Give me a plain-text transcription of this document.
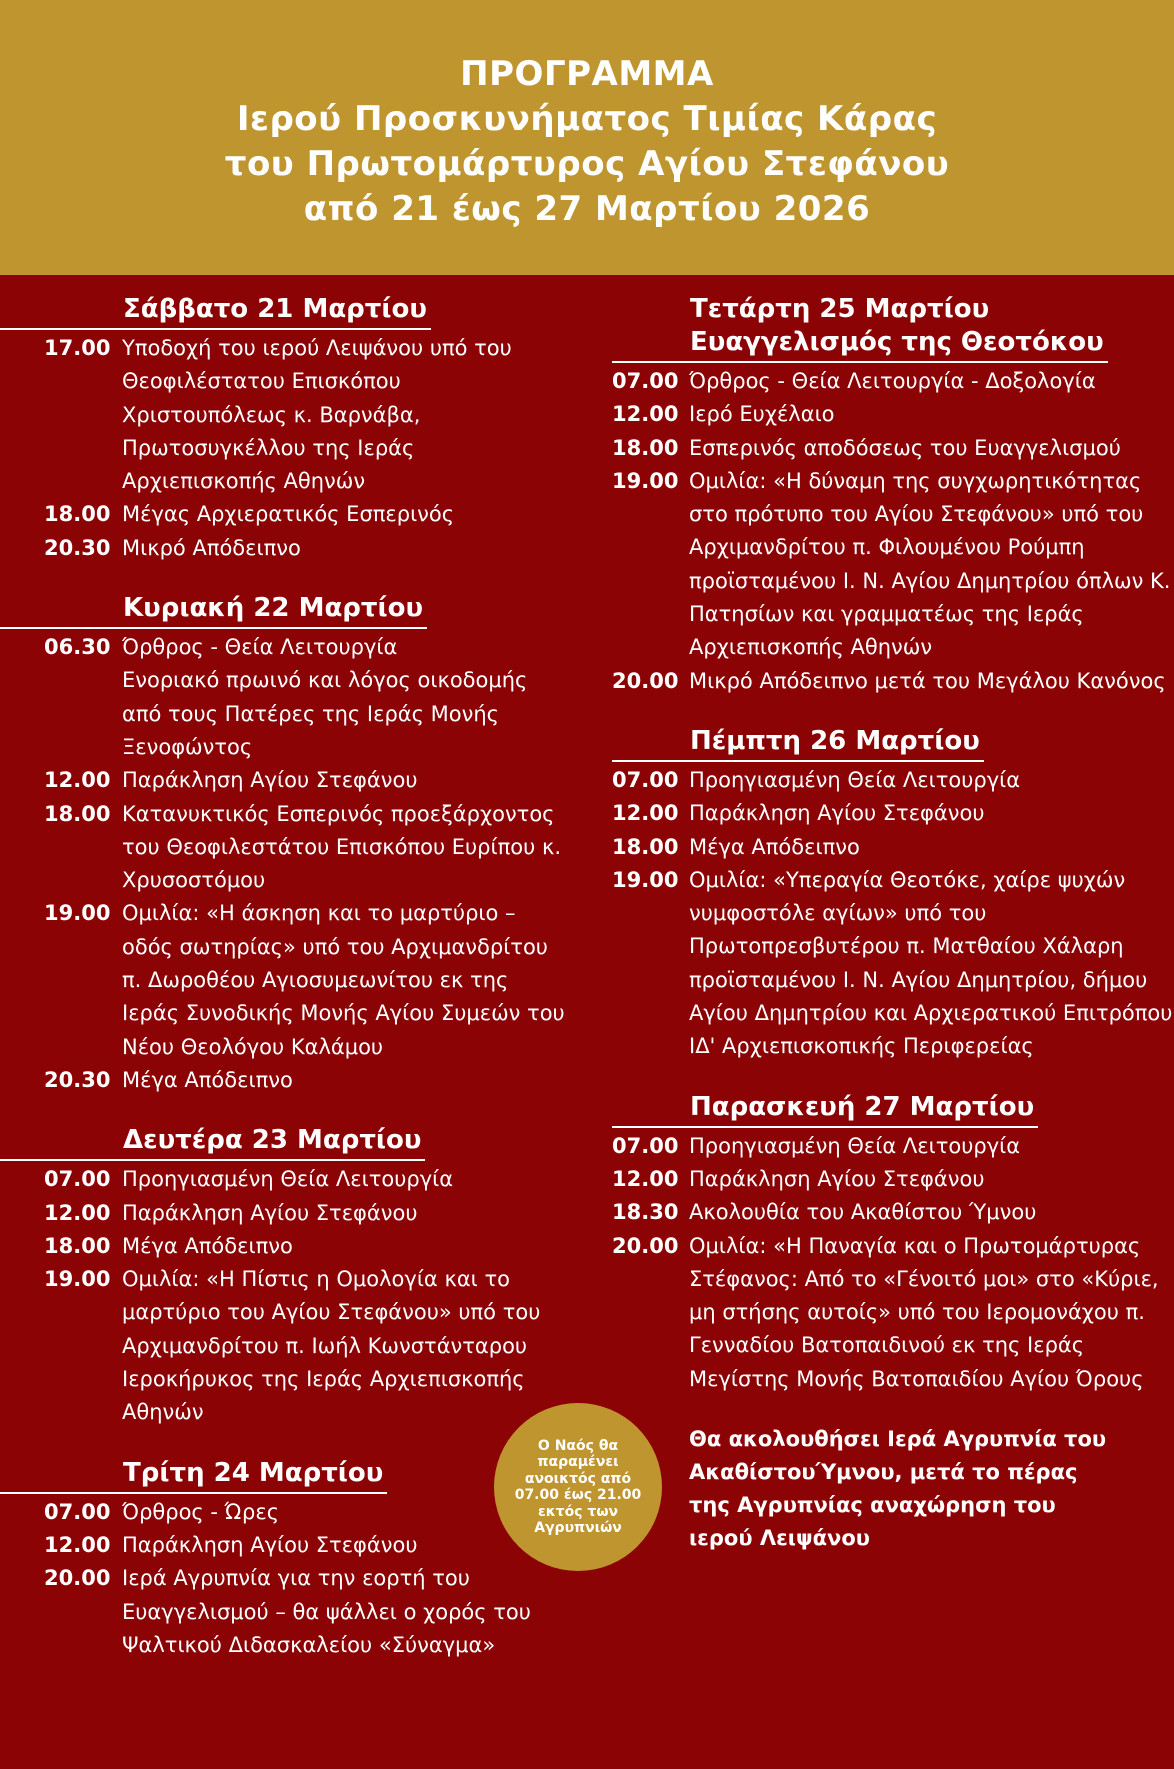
ΠΡΟΓΡΑΜΜΑ
Ιερού Προσκυνήματος Τιμίας Κάρας
του Πρωτομάρτυρος Αγίου Στεφάνου
από 21 έως 27 Μαρτίου 2026
Σάββατο 21 Μαρτίου
17.00 Υποδοχή του ιερού Λειψάνου υπό του Θεοφιλέστατου Επισκόπου Χριστουπόλεως κ. Βαρνάβα, Πρωτοσυγκέλλου της Ιεράς Αρχιεπισκοπής Αθηνών
18.00 Μέγας Αρχιερατικός Εσπερινός
20.30 Μικρό Απόδειπνο
Κυριακή 22 Μαρτίου
06.30 Όρθρος - Θεία Λειτουργία
Ενοριακό πρωινό και λόγος οικοδομής από τους Πατέρες της Ιεράς Μονής Ξενοφώντος
12.00 Παράκληση Αγίου Στεφάνου
18.00 Κατανυκτικός Εσπερινός προεξάρχοντος του Θεοφιλεστάτου Επισκόπου Ευρίπου κ. Χρυσοστόμου
19.00 Ομιλία: «Η άσκηση και το μαρτύριο – οδός σωτηρίας» υπό του Αρχιμανδρίτου π. Δωροθέου Αγιοσυμεωνίτου εκ της Ιεράς Συνοδικής Μονής Αγίου Συμεών του Νέου Θεολόγου Καλάμου
20.30 Μέγα Απόδειπνο
Δευτέρα 23 Μαρτίου
07.00 Προηγιασμένη Θεία Λειτουργία
12.00 Παράκληση Αγίου Στεφάνου
18.00 Μέγα Απόδειπνο
19.00 Ομιλία: «Η Πίστις η Ομολογία και το μαρτύριο του Αγίου Στεφάνου» υπό του Αρχιμανδρίτου π. Ιωήλ Κωνστάνταρου Ιεροκήρυκος της Ιεράς Αρχιεπισκοπής Αθηνών
Τρίτη 24 Μαρτίου
07.00 Όρθρος - Ώρες
12.00 Παράκληση Αγίου Στεφάνου
20.00 Ιερά Αγρυπνία για την εορτή του Ευαγγελισμού – θα ψάλλει ο χορός του Ψαλτικού Διδασκαλείου «Σύναγμα»
Τετάρτη 25 Μαρτίου
Ευαγγελισμός της Θεοτόκου
07.00 Όρθρος - Θεία Λειτουργία - Δοξολογία
12.00 Ιερό Ευχέλαιο
18.00 Εσπερινός αποδόσεως του Ευαγγελισμού
19.00 Ομιλία: «Η δύναμη της συγχωρητικότητας στο πρότυπο του Αγίου Στεφάνου» υπό του Αρχιμανδρίτου π. Φιλουμένου Ρούμπη προϊσταμένου Ι. Ν. Αγίου Δημητρίου όπλων Κ. Πατησίων και γραμματέως της Ιεράς Αρχιεπισκοπής Αθηνών
20.00 Μικρό Απόδειπνο μετά του Μεγάλου Κανόνος
Πέμπτη 26 Μαρτίου
07.00 Προηγιασμένη Θεία Λειτουργία
12.00 Παράκληση Αγίου Στεφάνου
18.00 Μέγα Απόδειπνο
19.00 Ομιλία: «Υπεραγία Θεοτόκε, χαίρε ψυχών νυμφοστόλε αγίων» υπό του Πρωτοπρεσβυτέρου π. Ματθαίου Χάλαρη προϊσταμένου Ι. Ν. Αγίου Δημητρίου, δήμου Αγίου Δημητρίου και Αρχιερατικού Επιτρόπου ΙΔ' Αρχιεπισκοπικής Περιφερείας
Παρασκευή 27 Μαρτίου
07.00 Προηγιασμένη Θεία Λειτουργία
12.00 Παράκληση Αγίου Στεφάνου
18.30 Ακολουθία του Ακαθίστου Ύμνου
20.00 Ομιλία: «Η Παναγία και ο Πρωτομάρτυρας Στέφανος: Από το «Γένοιτό μοι» στο «Κύριε, μη στήσης αυτοίς» υπό του Ιερομονάχου π. Γενναδίου Βατοπαιδινού εκ της Ιεράς Μεγίστης Μονής Βατοπαιδίου Αγίου Όρους
Θα ακολουθήσει Ιερά Αγρυπνία του ΑκαθίστουΎμνου, μετά το πέρας της Αγρυπνίας αναχώρηση του ιερού Λειψάνου
Ο Ναός θα παραμένει ανοικτός από 07.00 έως 21.00 εκτός των Αγρυπνιών
